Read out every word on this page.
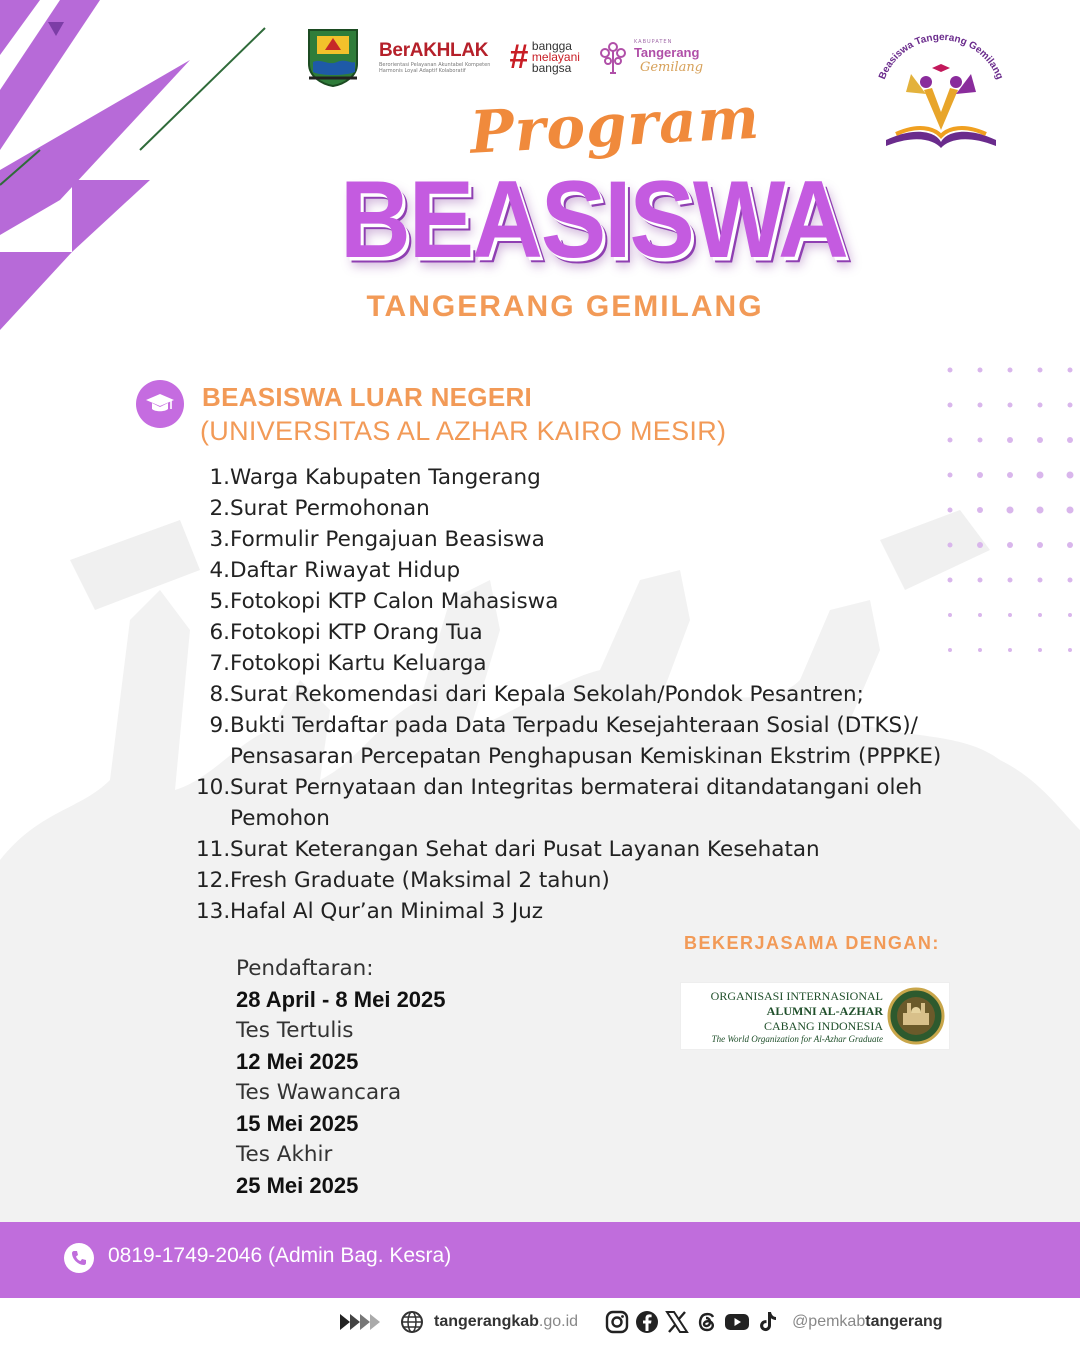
BerAKHLAK
Berorientasi Pelayanan Akuntabel Kompeten Harmonis Loyal Adaptif Kolaboratif	# bangga
melayani
bangsa
KABUPATEN
Tangerang
Gemilang
Beasiswa Tangerang Gemilang
Program
BEASISWA
TANGERANG GEMILANG
BEASISWA LUAR NEGERI
(UNIVERSITAS AL AZHAR KAIRO MESIR)
1. Warga Kabupaten Tangerang
2. Surat Permohonan
3. Formulir Pengajuan Beasiswa
4. Daftar Riwayat Hidup
5. Fotokopi KTP Calon Mahasiswa
6. Fotokopi KTP Orang Tua
7. Fotokopi Kartu Keluarga
8. Surat Rekomendasi dari Kepala Sekolah/Pondok Pesantren;
9. Bukti Terdaftar pada Data Terpadu Kesejahteraan Sosial (DTKS)/ Pensasaran Percepatan Penghapusan Kemiskinan Ekstrim (PPPKE)
10. Surat Pernyataan dan Integritas bermaterai ditandatangani oleh Pemohon
11. Surat Keterangan Sehat dari Pusat Layanan Kesehatan
12. Fresh Graduate (Maksimal 2 tahun)
13. Hafal Al Qur’an Minimal 3 Juz
Pendaftaran:
28 April - 8 Mei 2025
Tes Tertulis
12 Mei 2025
Tes Wawancara
15 Mei 2025
Tes Akhir
25 Mei 2025
BEKERJASAMA DENGAN:
ORGANISASI INTERNASIONAL
ALUMNI AL-AZHAR
CABANG INDONESIA
The World Organization for Al-Azhar Graduate
0819-1749-2046 (Admin Bag. Kesra)
tangerangkab .go.id	@pemkab tangerang
